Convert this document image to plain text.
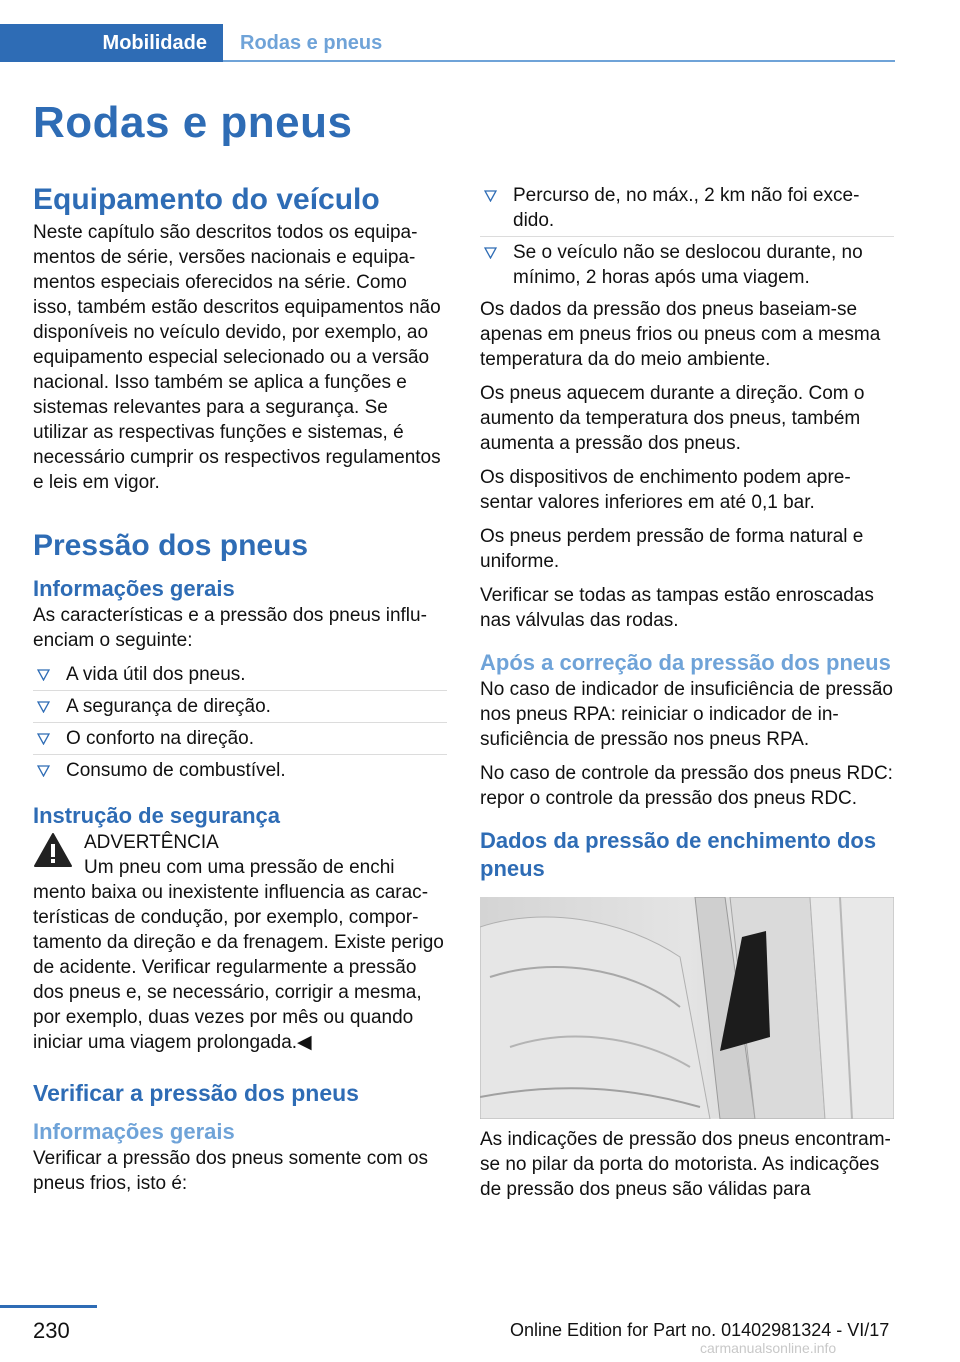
Mobilidade	Rodas e pneus
Rodas e pneus
Equipamento do veículo

Neste capítulo são descritos todos os equipamentos de série, versões nacionais e equipamentos especiais oferecidos na série. Como isso, também estão descritos equipamentos não disponíveis no veículo devido, por exemplo, ao equipamento especial selecionado ou a versão nacional. Isso também se aplica a funções e sistemas relevantes para a segurança. Se utilizar as respectivas funções e sistemas, é necessário cumprir os respectivos regulamentos e leis em vigor.

Pressão dos pneus
Informações gerais

As características e a pressão dos pneus influenciam o seguinte:

A vida útil dos pneus.
A segurança de direção.
O conforto na direção.
Consumo de combustível.
Instrução de segurança
ADVERTÊNCIA

Um pneu com uma pressão de enchi

mento baixa ou inexistente influencia as características de condução, por exemplo, comportamento da direção e da frenagem. Existe perigo de acidente. Verificar regularmente a pressão dos pneus e, se necessário, corrigir a mesma, por exemplo, duas vezes por mês ou quando iniciar uma viagem prolongada.◀

Verificar a pressão dos pneus
Informações gerais

Verificar a pressão dos pneus somente com os pneus frios, isto é:

Percurso de, no máx., 2 km não foi excedido.
Se o veículo não se deslocou durante, no mínimo, 2 horas após uma viagem.

Os dados da pressão dos pneus baseiam-se apenas em pneus frios ou pneus com a mesma temperatura da do meio ambiente.

Os pneus aquecem durante a direção. Com o aumento da temperatura dos pneus, também aumenta a pressão dos pneus.

Os dispositivos de enchimento podem apresentar valores inferiores em até 0,1 bar.

Os pneus perdem pressão de forma natural e uniforme.

Verificar se todas as tampas estão enroscadas nas válvulas das rodas.

Após a correção da pressão dos pneus

No caso de indicador de insuficiência de pressão nos pneus RPA: reiniciar o indicador de insuficiência de pressão nos pneus RPA.

No caso de controle da pressão dos pneus RDC: repor o controle da pressão dos pneus RDC.

Dados da pressão de enchimento dos pneus

As indicações de pressão dos pneus encontram-se no pilar da porta do motorista. As indicações de pressão dos pneus são válidas para

230	Online Edition for Part no. 01402981324 - VI/17
carmanualsonline.info
